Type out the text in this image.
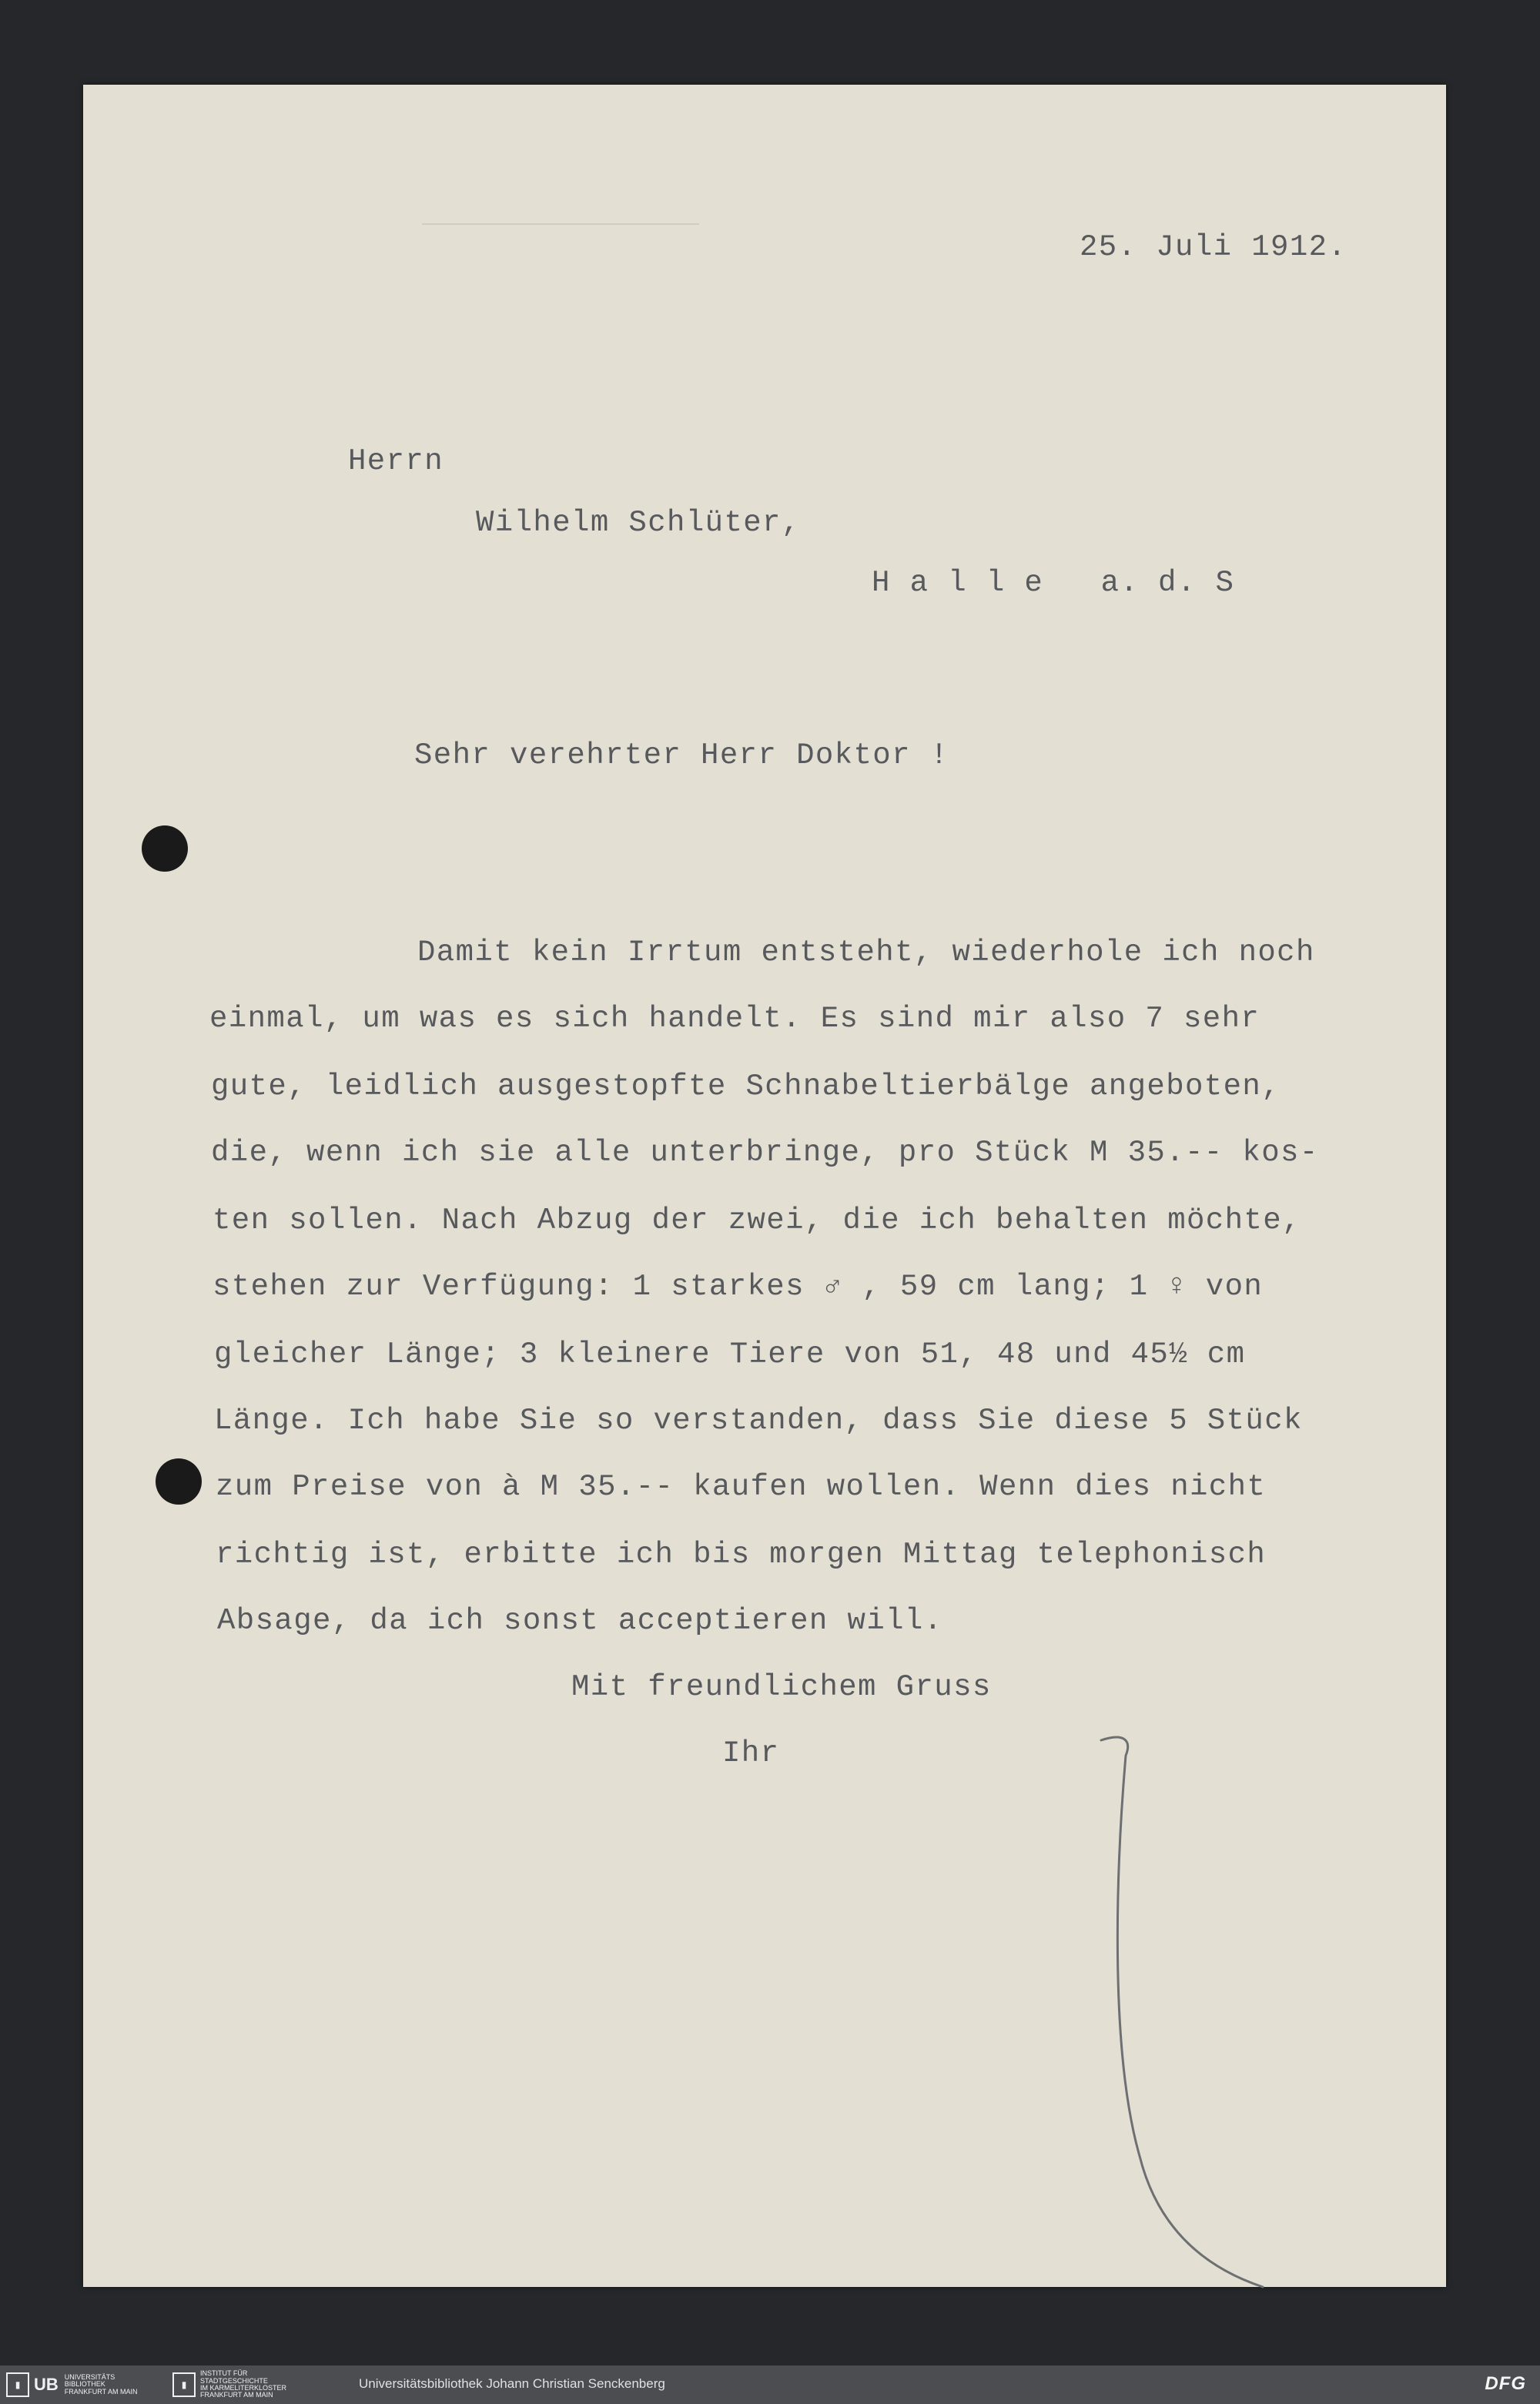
25. Juli 1912.
Herrn
Wilhelm Schlüter,
H a l l e   a. d. S
Sehr verehrter Herr Doktor !
Damit kein Irrtum entsteht, wiederhole ich noch
einmal, um was es sich handelt. Es sind mir also 7 sehr
gute, leidlich ausgestopfte Schnabeltierbälge angeboten,
die, wenn ich sie alle unterbringe, pro Stück M 35.-- kos-
ten sollen. Nach Abzug der zwei, die ich behalten möchte,
stehen zur Verfügung: 1 starkes ♂ , 59 cm lang; 1 ♀ von
gleicher Länge; 3 kleinere Tiere von 51, 48 und 45½ cm
Länge. Ich habe Sie so verstanden, dass Sie diese 5 Stück
zum Preise von à M 35.-- kaufen wollen. Wenn dies nicht
richtig ist, erbitte ich bis morgen Mittag telephonisch
Absage, da ich sonst acceptieren will.
Mit freundlichem Gruss
Ihr
▮ UB UNIVERSITÄTS
BIBLIOTHEK
FRANKFURT AM MAIN
▮
INSTITUT FÜR
STADTGESCHICHTE
IM KARMELITERKLOSTER
FRANKFURT AM MAIN
Universitätsbibliothek Johann Christian Senckenberg	DFG
